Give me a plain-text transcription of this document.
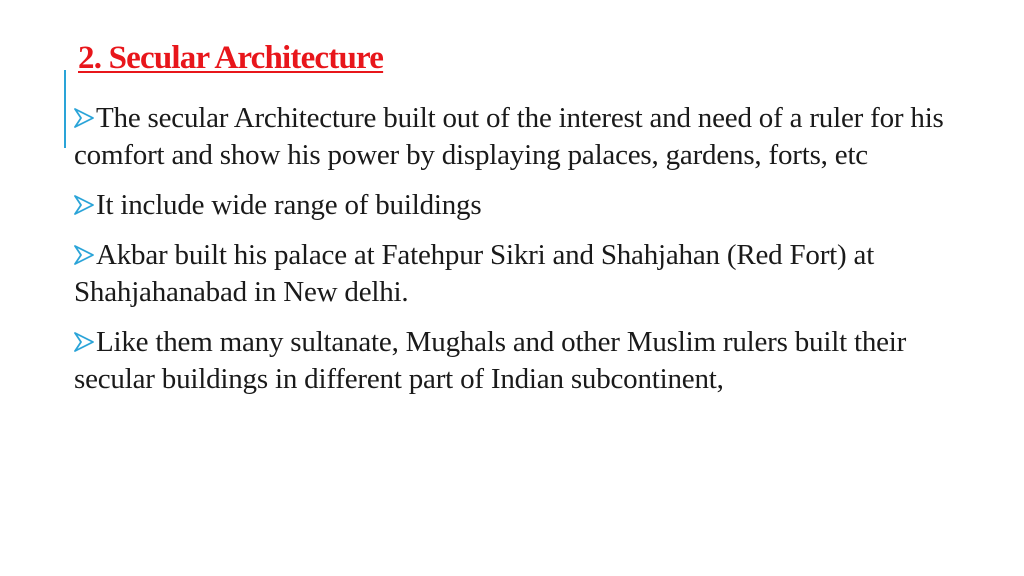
2. Secular Architecture
The secular Architecture built out of the interest and need of a ruler for his comfort and show his power by displaying palaces, gardens, forts, etc
It include wide range of buildings
Akbar built his palace at Fatehpur Sikri and Shahjahan (Red Fort) at Shahjahanabad in New delhi.
Like them many sultanate, Mughals and other Muslim rulers built their secular buildings in different part of Indian subcontinent,
